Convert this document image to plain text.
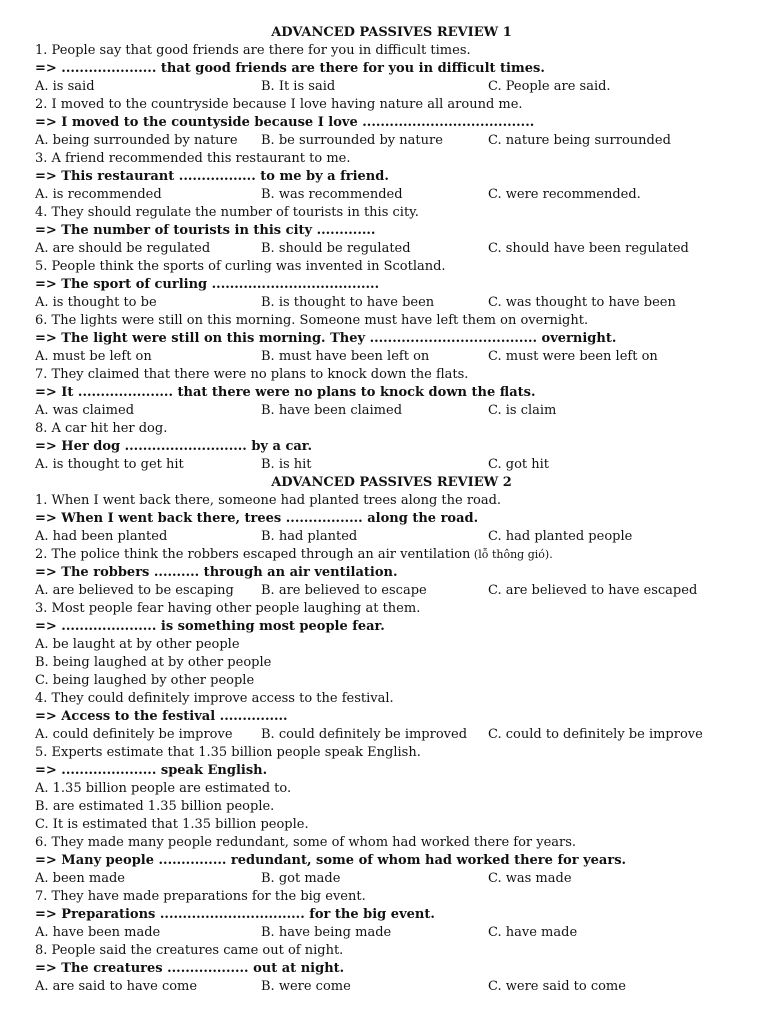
ADVANCED PASSIVES REVIEW 1
1. People say that good friends are there for you in difficult times.
=> ..................... that good friends are there for you in difficult times.
A. is said	B. It is said	C. People are said.
2. I moved to the countryside because I love having nature all around me.
=> I moved to the countyside because I love ......................................
A. being surrounded by nature	B. be surrounded by nature	C. nature being surrounded
3. A friend recommended this restaurant to me.
=> This restaurant ................. to me by a friend.
A. is recommended	B. was recommended	C. were recommended.
4. They should regulate the number of tourists in this city.
=> The number of tourists in this city .............
A. are should be regulated	B. should be regulated	C. should have been regulated
5. People think the sports of curling was invented in Scotland.
=> The sport of curling .....................................
A. is thought to be	B. is thought to have been	C. was thought to have been
6. The lights were still on this morning. Someone must have left them on overnight.
=> The light were still on this morning. They ..................................... overnight.
A. must be left on	B. must have been left on	C. must were been left on
7. They claimed that there were no plans to knock down the flats.
=> It ..................... that there were no plans to knock down the flats.
A. was claimed	B. have been claimed	C. is claim
8. A car hit her dog.
=> Her dog ........................... by a car.
A. is thought to get hit	B. is hit	C. got hit
ADVANCED PASSIVES REVIEW 2
1. When I went back there, someone had planted trees along the road.
=> When I went back there, trees ................. along the road.
A. had been planted	B. had planted	C. had planted people
2. The police think the robbers escaped through an air ventilation (lỗ thông gió).
=> The robbers .......... through an air ventilation.
A. are believed to be escaping	B. are believed to escape	C. are believed to have escaped
3. Most people fear having other people laughing at them.
=> ..................... is something most people fear.
A. be laught at by other people
B. being laughed at by other people
C. being laughed by other people
4. They could definitely improve access to the festival.
=> Access to the festival ...............
A. could definitely be improve	B. could definitely be improved	C. could to definitely be improve
5. Experts estimate that 1.35 billion people speak English.
=> ..................... speak English.
A. 1.35 billion people are estimated to.
B. are estimated 1.35 billion people.
C. It is estimated that 1.35 billion people.
6. They made many people redundant, some of whom had worked there for years.
=> Many people ............... redundant, some of whom had worked there for years.
A. been made	B. got made	C. was made
7. They have made preparations for the big event.
=> Preparations ................................ for the big event.
A. have been made	B. have being made	C. have made
8. People said the creatures came out of night.
=> The creatures .................. out at night.
A. are said to have come	B. were come	C. were said to come
